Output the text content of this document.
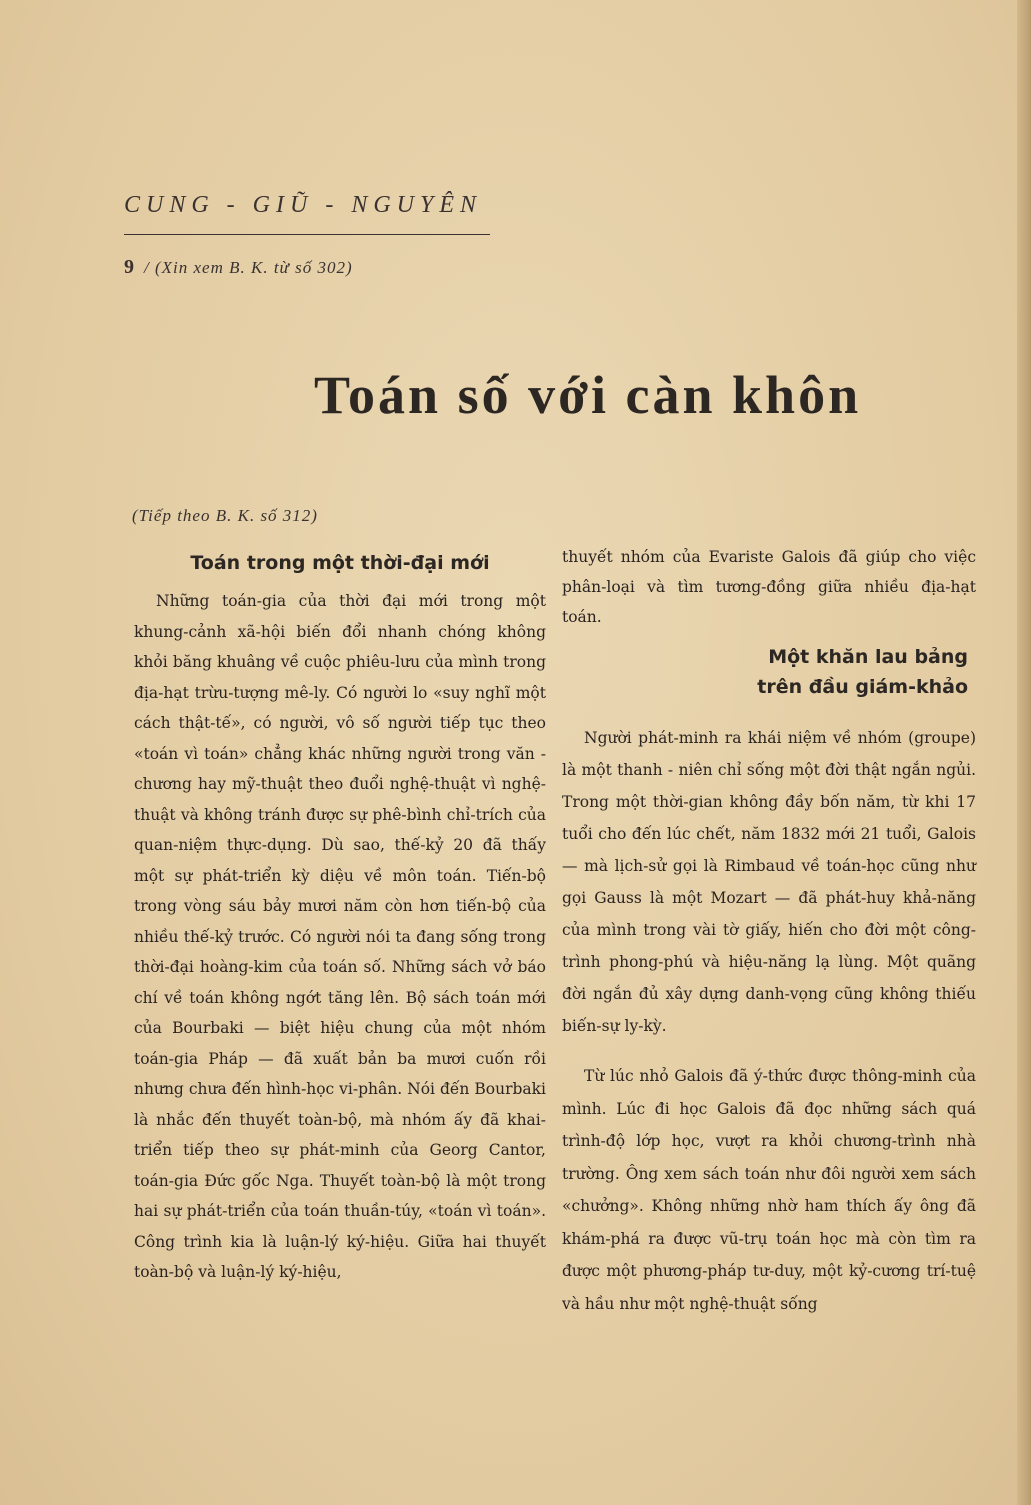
CUNG - GIŨ - NGUYÊN
9 / (Xin xem B. K. từ số 302)
Toán số với càn khôn
(Tiếp theo B. K. số 312)
Toán trong một thời-đại mới

Những toán-gia của thời đại mới trong một khung-cảnh xã-hội biến đổi nhanh chóng không khỏi băng khuâng về cuộc phiêu-lưu của mình trong địa-hạt trừu-tượng mê-ly. Có người lo «suy nghĩ một cách thật-tế», có người, vô số người tiếp tục theo «toán vì toán» chẳng khác những người trong văn - chương hay mỹ-thuật theo đuổi nghệ-thuật vì nghệ-thuật và không tránh được sự phê-bình chỉ-trích của quan-niệm thực-dụng. Dù sao, thế-kỷ 20 đã thấy một sự phát-triển kỳ diệu về môn toán. Tiến-bộ trong vòng sáu bảy mươi năm còn hơn tiến-bộ của nhiều thế-kỷ trước. Có người nói ta đang sống trong thời-đại hoàng-kim của toán số. Những sách vở báo chí về toán không ngớt tăng lên. Bộ sách toán mới của Bourbaki — biệt hiệu chung của một nhóm toán-gia Pháp — đã xuất bản ba mươi cuốn rồi nhưng chưa đến hình-học vi-phân. Nói đến Bourbaki là nhắc đến thuyết toàn-bộ, mà nhóm ấy đã khai-triển tiếp theo sự phát-minh của Georg Cantor, toán-gia Đức gốc Nga. Thuyết toàn-bộ là một trong hai sự phát-triển của toán thuần-túy, «toán vì toán». Công trình kia là luận-lý ký-hiệu. Giữa hai thuyết toàn-bộ và luận-lý ký-hiệu,

thuyết nhóm của Evariste Galois đã giúp cho việc phân-loại và tìm tương-đồng giữa nhiều địa-hạt toán.

Một khăn lau bảng
trên đầu giám-khảo

Người phát-minh ra khái niệm về nhóm (groupe) là một thanh - niên chỉ sống một đời thật ngắn ngủi. Trong một thời-gian không đầy bốn năm, từ khi 17 tuổi cho đến lúc chết, năm 1832 mới 21 tuổi, Galois — mà lịch-sử gọi là Rimbaud về toán-học cũng như gọi Gauss là một Mozart — đã phát-huy khả-năng của mình trong vài tờ giấy, hiến cho đời một công-trình phong-phú và hiệu-năng lạ lùng. Một quãng đời ngắn đủ xây dựng danh-vọng cũng không thiếu biến-sự ly-kỳ.

Từ lúc nhỏ Galois đã ý-thức được thông-minh của mình. Lúc đi học Galois đã đọc những sách quá trình-độ lớp học, vượt ra khỏi chương-trình nhà trường. Ông xem sách toán như đôi người xem sách «chưởng». Không những nhờ ham thích ấy ông đã khám-phá ra được vũ-trụ toán học mà còn tìm ra được một phương-pháp tư-duy, một kỷ-cương trí-tuệ và hầu như một nghệ-thuật sống
